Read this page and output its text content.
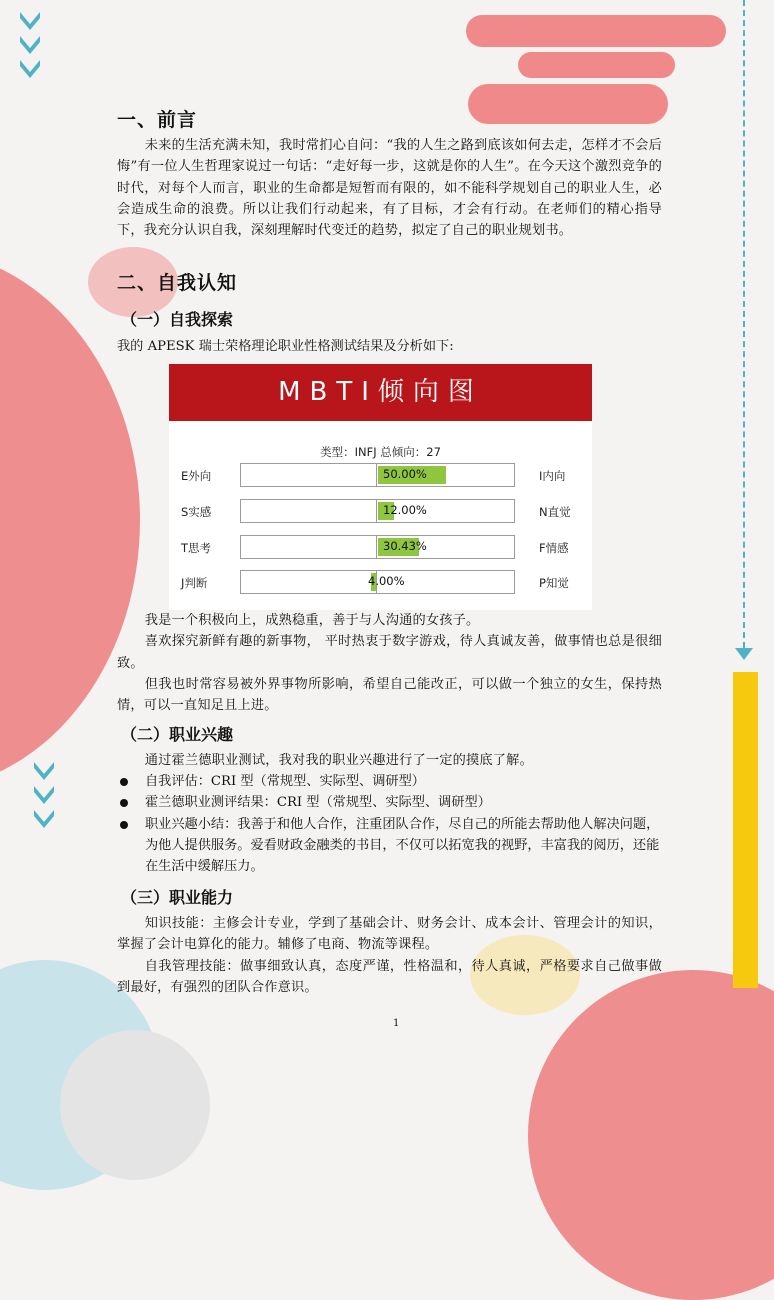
一、前言

未来的生活充满未知，我时常扪心自问：“我的人生之路到底该如何去走，怎样才不会后悔”有一位人生哲理家说过一句话：“走好每一步，这就是你的人生”。在今天这个激烈竞争的时代，对每个人而言，职业的生命都是短暂而有限的，如不能科学规划自己的职业人生，必会造成生命的浪费。所以让我们行动起来，有了目标，才会有行动。在老师们的精心指导下，我充分认识自我，深刻理解时代变迁的趋势，拟定了自己的职业规划书。

二、自我认知
（一）自我探索
我的 APESK 瑞士荣格理论职业性格测试结果及分析如下:
MBTI倾向图
类型：INFJ 总倾向：27
E外向	50.00%	I内向
S实感	12.00%	N直觉
T思考	30.43%	F情感
J判断	4.00%	P知觉

我是一个积极向上，成熟稳重，善于与人沟通的女孩子。

喜欢探究新鲜有趣的新事物， 平时热衷于数字游戏，待人真诚友善，做事情也总是很细致。

但我也时常容易被外界事物所影响，希望自己能改正，可以做一个独立的女生，保持热情，可以一直知足且上进。

（二）职业兴趣

通过霍兰德职业测试，我对我的职业兴趣进行了一定的摸底了解。

自我评估：CRI 型（常规型、实际型、调研型）
霍兰德职业测评结果：CRI 型（常规型、实际型、调研型）
职业兴趣小结：我善于和他人合作，注重团队合作，尽自己的所能去帮助他人解决问题，为他人提供服务。爱看财政金融类的书目，不仅可以拓宽我的视野，丰富我的阅历，还能在生活中缓解压力。
（三）职业能力

知识技能：主修会计专业，学到了基础会计、财务会计、成本会计、管理会计的知识，掌握了会计电算化的能力。辅修了电商、物流等课程。

自我管理技能：做事细致认真，态度严谨，性格温和，待人真诚，严格要求自己做事做到最好，有强烈的团队合作意识。

1
